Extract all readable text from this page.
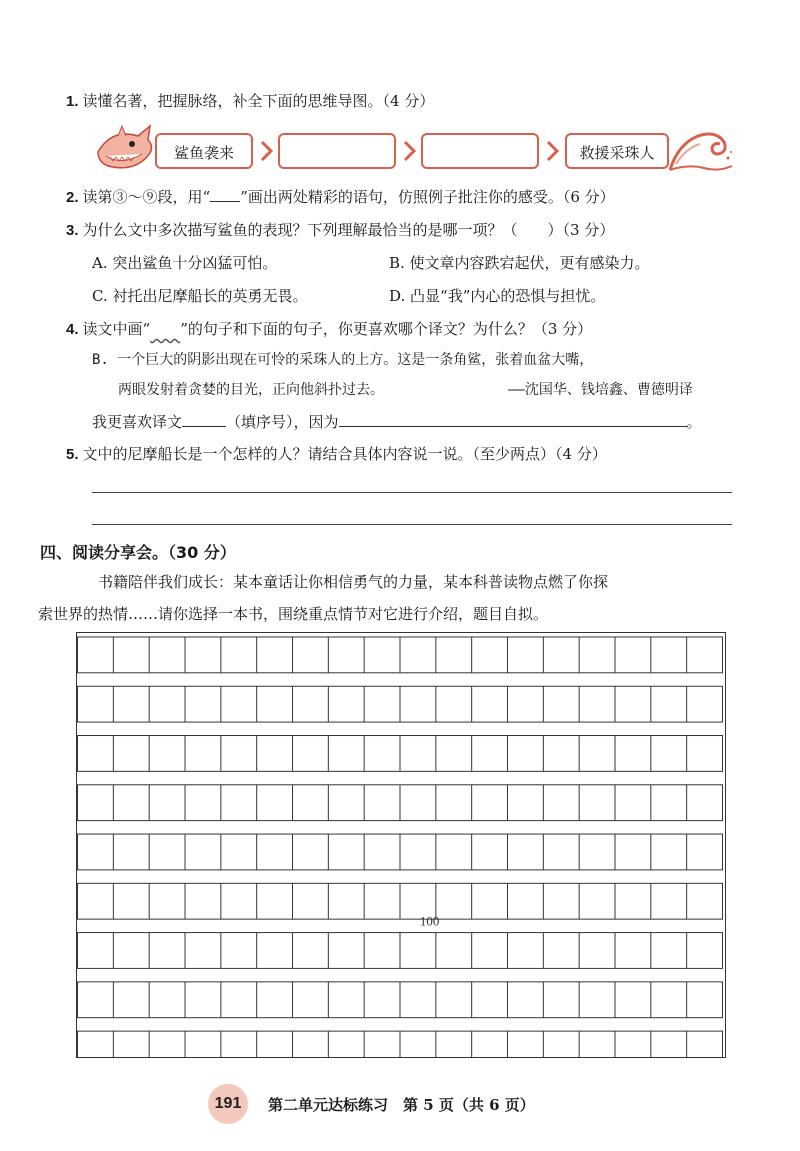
1. 读懂名著，把握脉络，补全下面的思维导图。（4 分）
鲨鱼袭来	救援采珠人
2. 读第③～⑨段，用“ ”画出两处精彩的语句，仿照例子批注你的感受。（6 分）
3. 为什么文中多次描写鲨鱼的表现？下列理解最恰当的是哪一项？（　　）（3 分）
A. 突出鲨鱼十分凶猛可怕。	B. 使文章内容跌宕起伏，更有感染力。
C. 衬托出尼摩船长的英勇无畏。	D. 凸显“我”内心的恐惧与担忧。
4. 读文中画“   ”的句子和下面的句子，你更喜欢哪个译文？为什么？（3 分）
B. 一个巨大的阴影出现在可怜的采珠人的上方。这是一条角鲨，张着血盆大嘴，
两眼发射着贪婪的目光，正向他斜扑过去。	——沈国华、钱培鑫、曹德明译
我更喜欢译文	（填序号），因为	。
5. 文中的尼摩船长是一个怎样的人？请结合具体内容说一说。（至少两点）（4 分）
四、阅读分享会。（30 分）
书籍陪伴我们成长：某本童话让你相信勇气的力量，某本科普读物点燃了你探
索世界的热情……请你选择一本书，围绕重点情节对它进行介绍，题目自拟。
100
191	第二单元达标练习　第 5 页（共 6 页）
